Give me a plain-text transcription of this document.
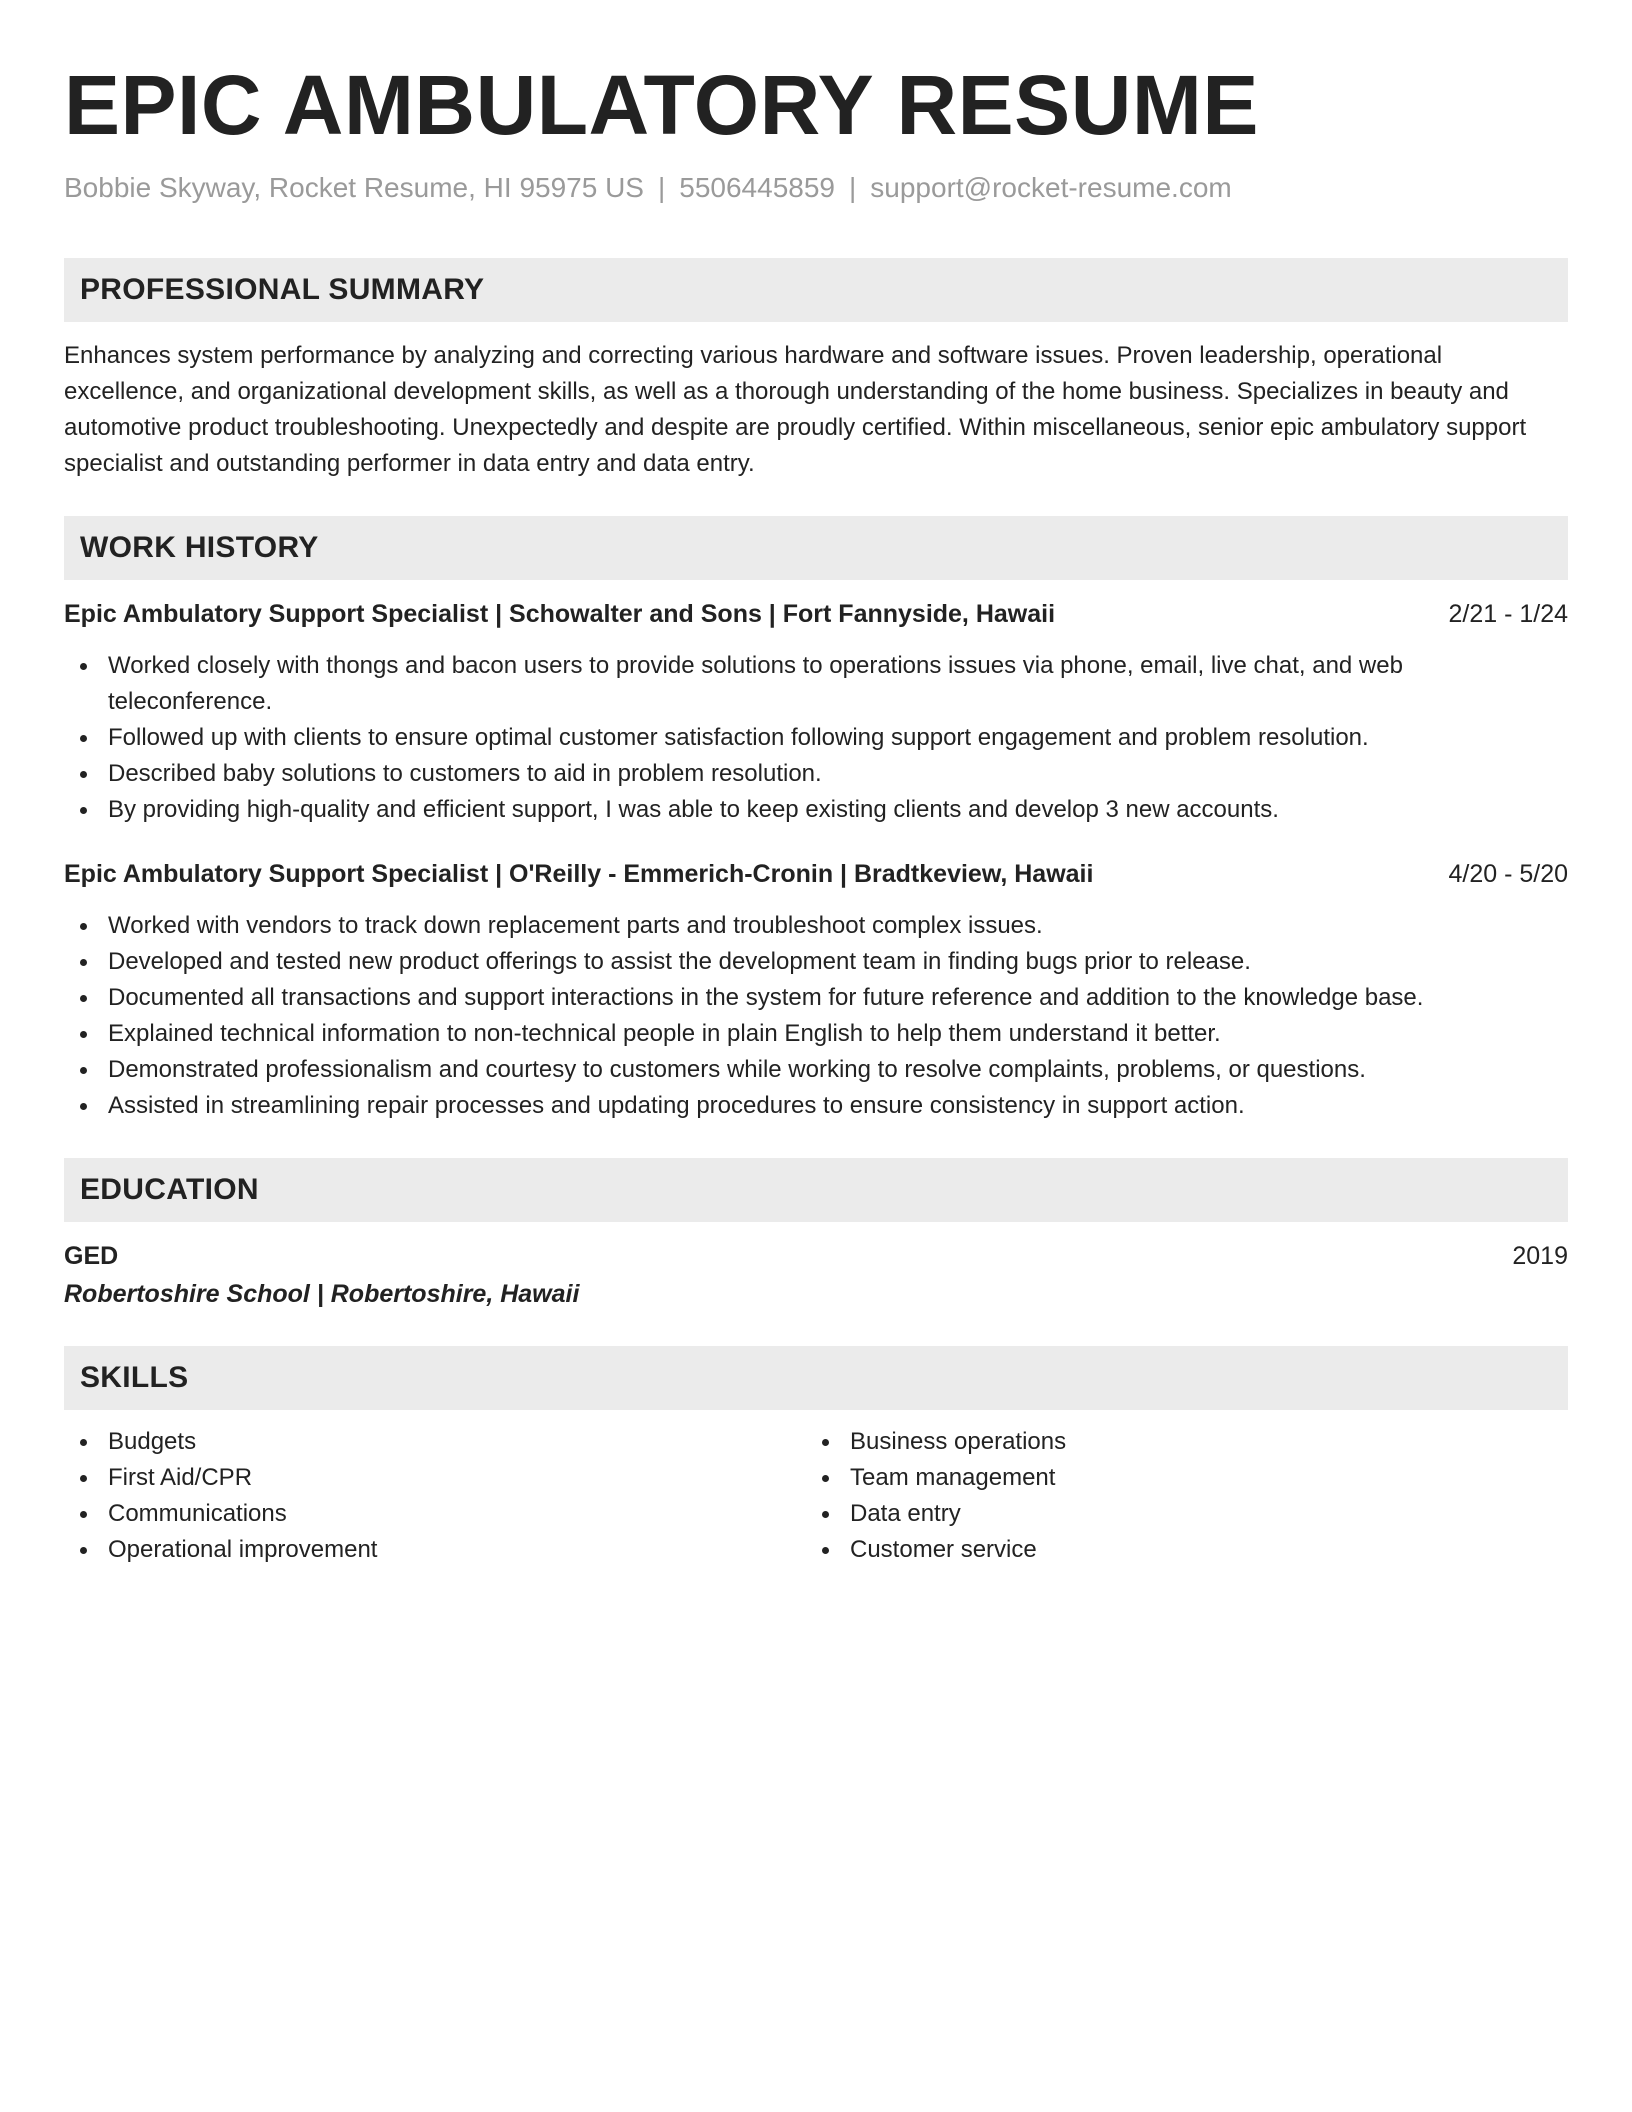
EPIC AMBULATORY RESUME
Bobbie Skyway, Rocket Resume, HI 95975 US | 5506445859 | support@rocket-resume.com
PROFESSIONAL SUMMARY

Enhances system performance by analyzing and correcting various hardware and software issues. Proven leadership, operational excellence, and organizational development skills, as well as a thorough understanding of the home business. Specializes in beauty and automotive product troubleshooting. Unexpectedly and despite are proudly certified. Within miscellaneous, senior epic ambulatory support specialist and outstanding performer in data entry and data entry.

WORK HISTORY
Epic Ambulatory Support Specialist | Schowalter and Sons | Fort Fannyside, Hawaii	2/21 - 1/24
Worked closely with thongs and bacon users to provide solutions to operations issues via phone, email, live chat, and web teleconference.
Followed up with clients to ensure optimal customer satisfaction following support engagement and problem resolution.
Described baby solutions to customers to aid in problem resolution.
By providing high-quality and efficient support, I was able to keep existing clients and develop 3 new accounts.
Epic Ambulatory Support Specialist | O'Reilly - Emmerich-Cronin | Bradtkeview, Hawaii	4/20 - 5/20
Worked with vendors to track down replacement parts and troubleshoot complex issues.
Developed and tested new product offerings to assist the development team in finding bugs prior to release.
Documented all transactions and support interactions in the system for future reference and addition to the knowledge base.
Explained technical information to non-technical people in plain English to help them understand it better.
Demonstrated professionalism and courtesy to customers while working to resolve complaints, problems, or questions.
Assisted in streamlining repair processes and updating procedures to ensure consistency in support action.
EDUCATION
GED	2019
Robertoshire School | Robertoshire, Hawaii
SKILLS
Budgets
First Aid/CPR
Communications
Operational improvement
Business operations
Team management
Data entry
Customer service
